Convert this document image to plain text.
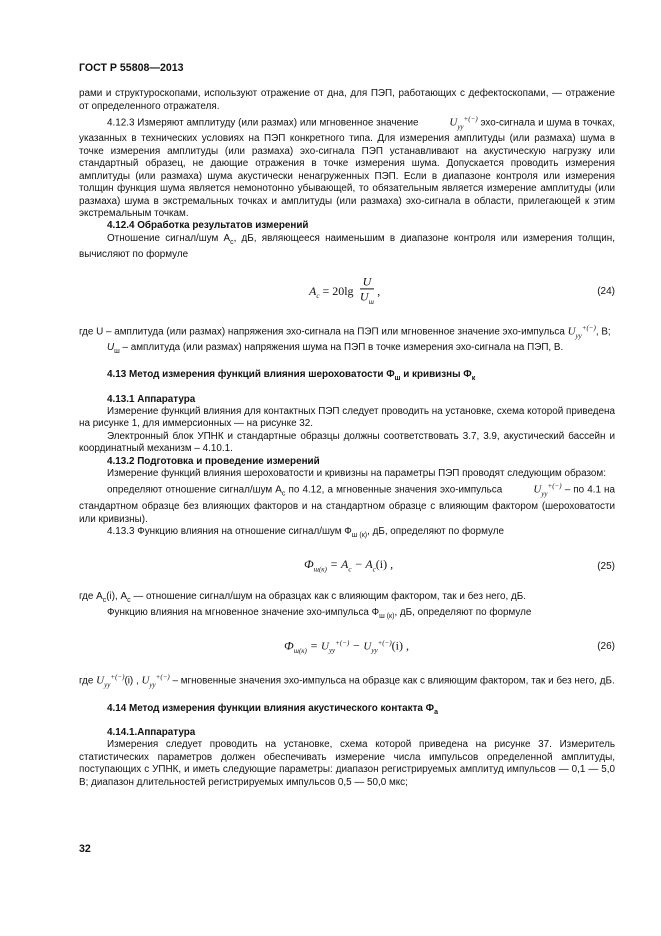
ГОСТ Р 55808—2013

рами и структуроскопами, используют отражение от дна, для ПЭП, работающих с дефектоскопами, — отражение от определенного отражателя.

4.12.3 Измеряют амплитуду (или размах) или мгновенное значение	$U_{уу}^{+(-)}$ эхо-сигнала и шума в точках, указанных в технических условиях на ПЭП конкретного типа. Для измерения амплитуды (или размаха) шума в точке измерения амплитуды (или размаха) эхо-сигнала ПЭП устанавливают на акустическую нагрузку или стандартный образец, не дающие отражения в точке измерения шума. Допускается проводить измерения амплитуды (или размаха) шума акустически ненагруженных ПЭП. Если в диапазоне контроля или измерения толщин функция шума является немонотонно убывающей, то обязательным является измерение амплитуды (или размаха) шума в экстремальных точках и амплитуды (или размаха) эхо-сигнала в области, прилегающей к этим экстремальным точкам.

4.12.4 Обработка результатов измерений

Отношение сигнал/шум $A_с$, дБ, являющееся наименьшим в диапазоне контроля или измерения толщин, вычисляют по формуле

$A_c = 20\lg \frac{U}{U_ш}$ ,	(24)

где U – амплитуда (или размах) напряжения эхо-сигнала на ПЭП или мгновенное значение эхо-импульса $U_{уу}^{+(-)}$, В;

$U_ш$ – амплитуда (или размах) напряжения шума на ПЭП в точке измерения эхо-сигнала на ПЭП, В.

4.13 Метод измерения функций влияния шероховатости $Ф_ш$ и кривизны $Ф_к$

4.13.1 Аппаратура

Измерение функций влияния для контактных ПЭП следует проводить на установке, схема которой приведена на рисунке 1, для иммерсионных — на рисунке 32.

Электронный блок УПНК и стандартные образцы должны соответствовать 3.7, 3.9, акустический бассейн и координатный механизм – 4.10.1.

4.13.2 Подготовка и проведение измерений

Измерение функций влияния шероховатости и кривизны на параметры ПЭП проводят следующим образом:

определяют отношение сигнал/шум $A_с$ по 4.12, а мгновенные значения эхо-импульса	$U_{уу}^{+(-)}$ – по 4.1 на стандартном образце без влияющих факторов и на стандартном образце с влияющим фактором (шероховатости или кривизны).

4.13.3 Функцию влияния на отношение сигнал/шум $Ф_{ш (к)}$, дБ, определяют по формуле

$Ф_{ш(к)} = A_c - A_c(i)$ ,	(25)

где $A_с(i)$, $A_с$ — отношение сигнал/шум на образцах как с влияющим фактором, так и без него, дБ.

Функцию влияния на мгновенное значение эхо-импульса $Ф_{ш (к)}$, дБ, определяют по формуле

$Ф_{ш(к)} = U_{уу}^{+(-)} - U_{уу}^{+(-)}(i)$ ,	(26)

где $U_{уу}^{+(-)}(i)$ , $U_{уу}^{+(-)}$ – мгновенные значения эхо-импульса на образце как с влияющим фактором, так и без него, дБ.

4.14 Метод измерения функции влияния акустического контакта $Ф_а$

4.14.1.Аппаратура

Измерения следует проводить на установке, схема которой приведена на рисунке 37. Измеритель статистических параметров должен обеспечивать измерение числа импульсов определенной амплитуды, поступающих с УПНК, и иметь следующие параметры: диапазон регистрируемых амплитуд импульсов — 0,1 — 5,0 В; диапазон длительностей регистрируемых импульсов 0,5 — 50,0 мкс;

32
